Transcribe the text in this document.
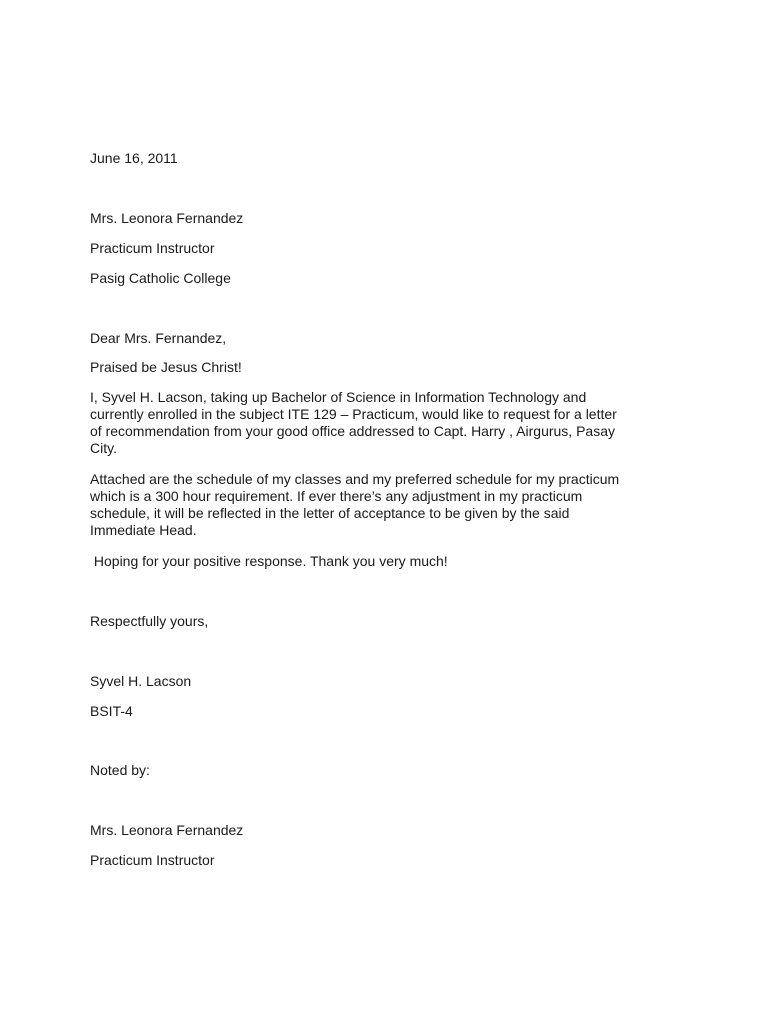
June 16, 2011
Mrs. Leonora Fernandez
Practicum Instructor
Pasig Catholic College
Dear Mrs. Fernandez,
Praised be Jesus Christ!
I, Syvel H. Lacson, taking up Bachelor of Science in Information Technology and
currently enrolled in the subject ITE 129 – Practicum, would like to request for a letter
of recommendation from your good office addressed to Capt. Harry , Airgurus, Pasay
City.
Attached are the schedule of my classes and my preferred schedule for my practicum
which is a 300 hour requirement. If ever there’s any adjustment in my practicum
schedule, it will be reflected in the letter of acceptance to be given by the said
Immediate Head.
Hoping for your positive response. Thank you very much!
Respectfully yours,
Syvel H. Lacson
BSIT-4
Noted by:
Mrs. Leonora Fernandez
Practicum Instructor
